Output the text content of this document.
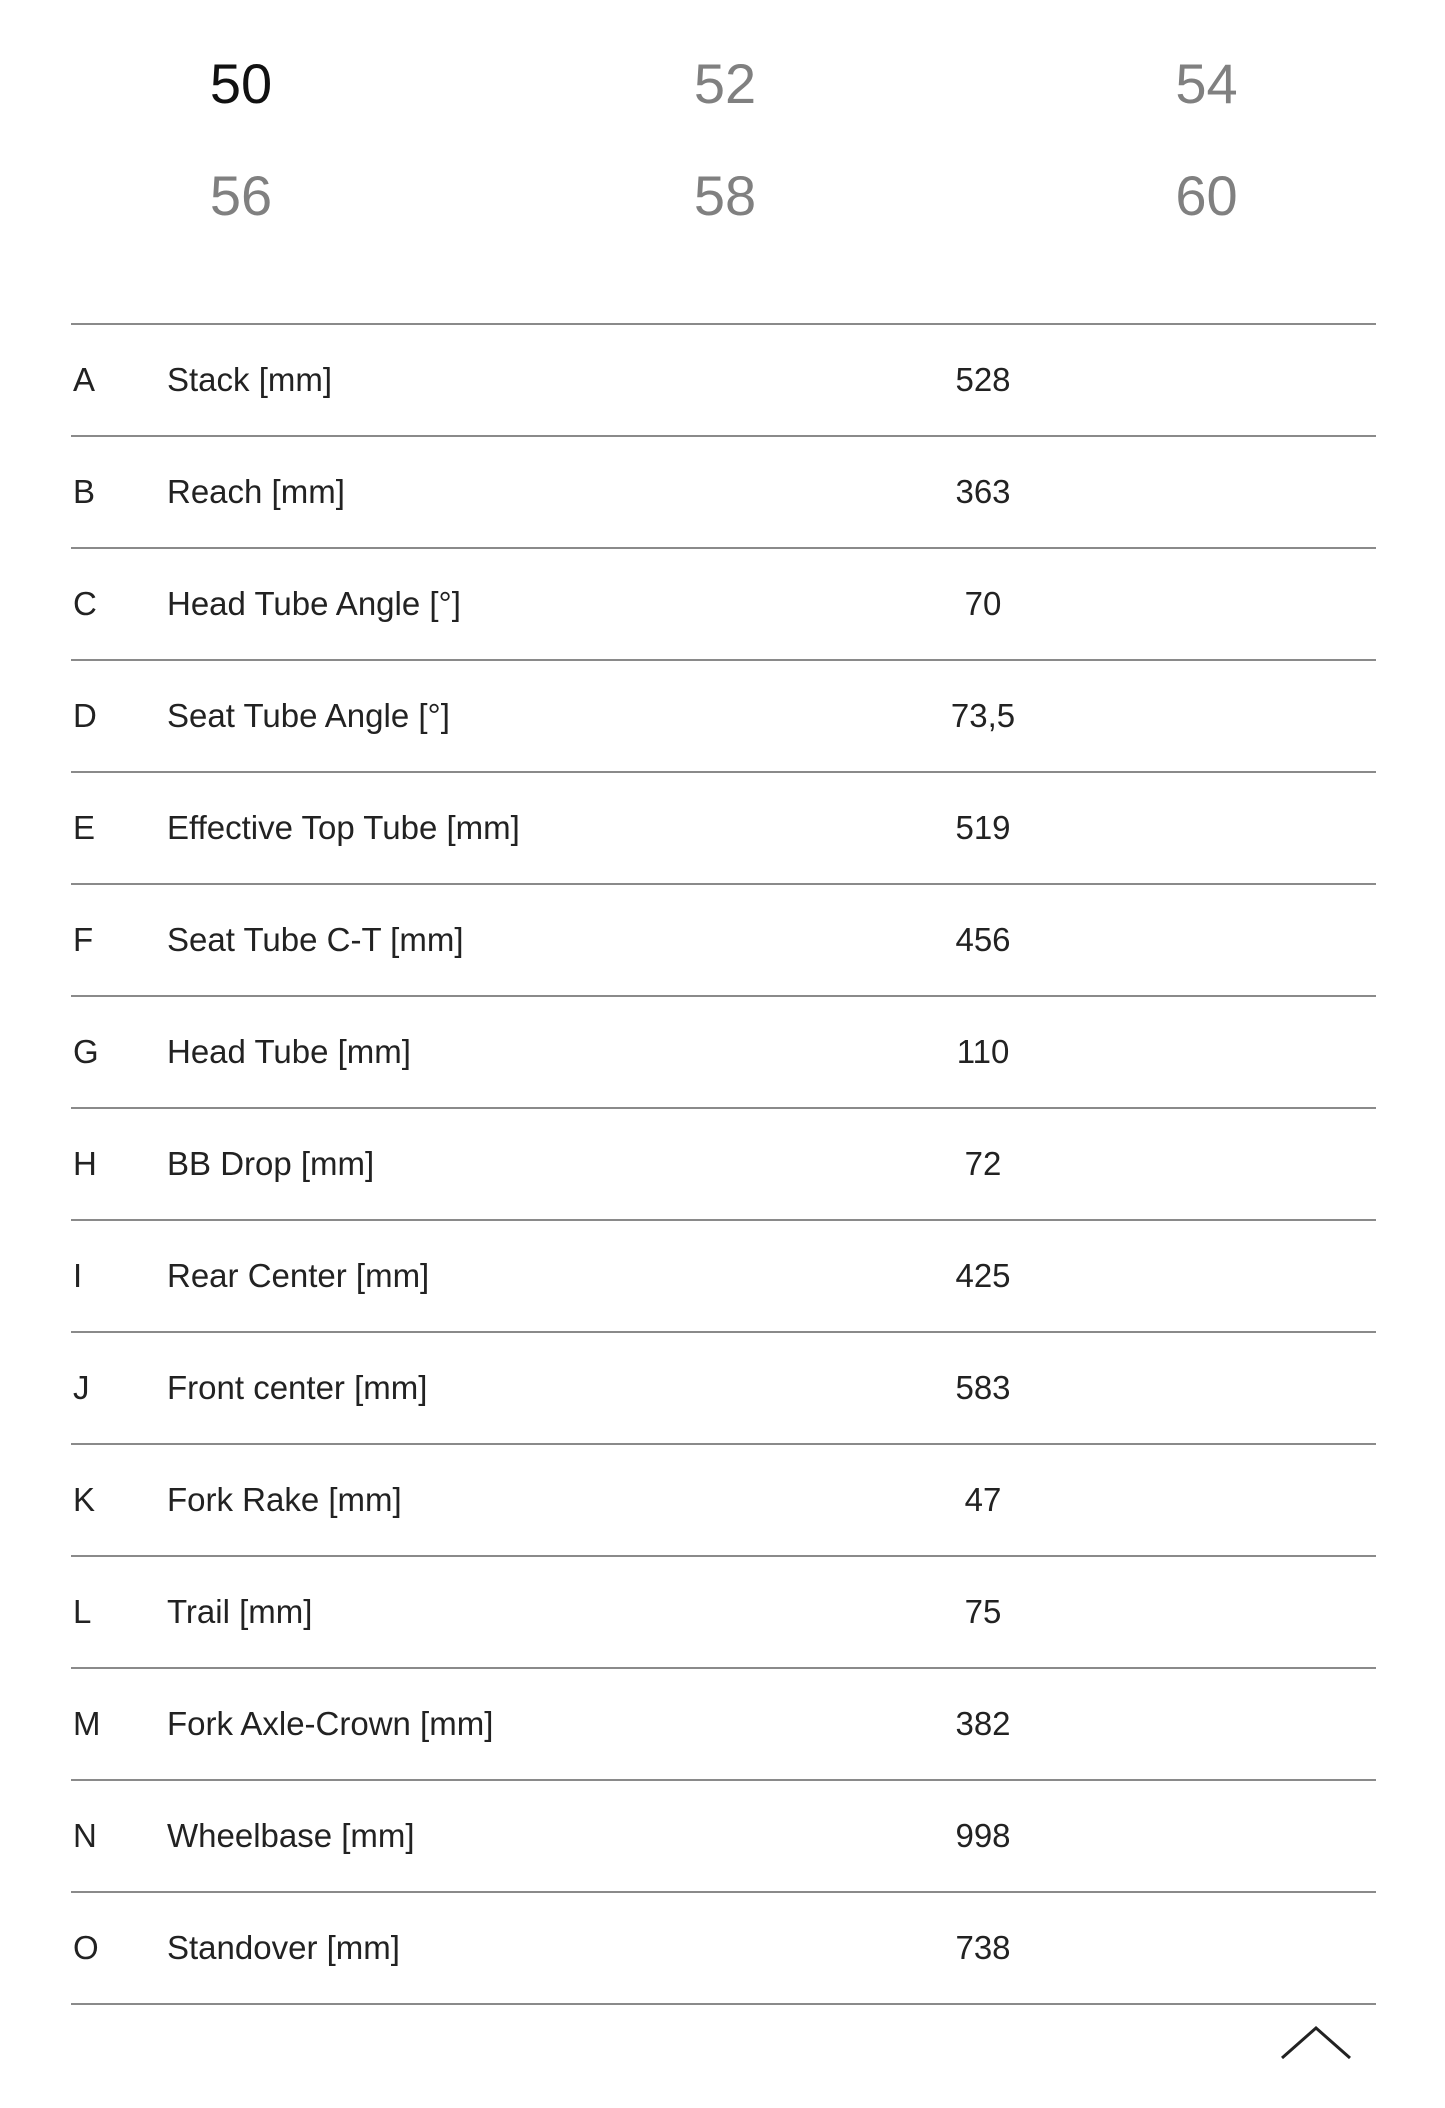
50	52	54
56	58	60
A	Stack [mm]	528
B	Reach [mm]	363
C	Head Tube Angle [°]	70
D	Seat Tube Angle [°]	73,5
E	Effective Top Tube [mm]	519
F	Seat Tube C-T [mm]	456
G	Head Tube [mm]	110
H	BB Drop [mm]	72
I	Rear Center [mm]	425
J	Front center [mm]	583
K	Fork Rake [mm]	47
L	Trail [mm]	75
M	Fork Axle-Crown [mm]	382
N	Wheelbase [mm]	998
O	Standover [mm]	738
